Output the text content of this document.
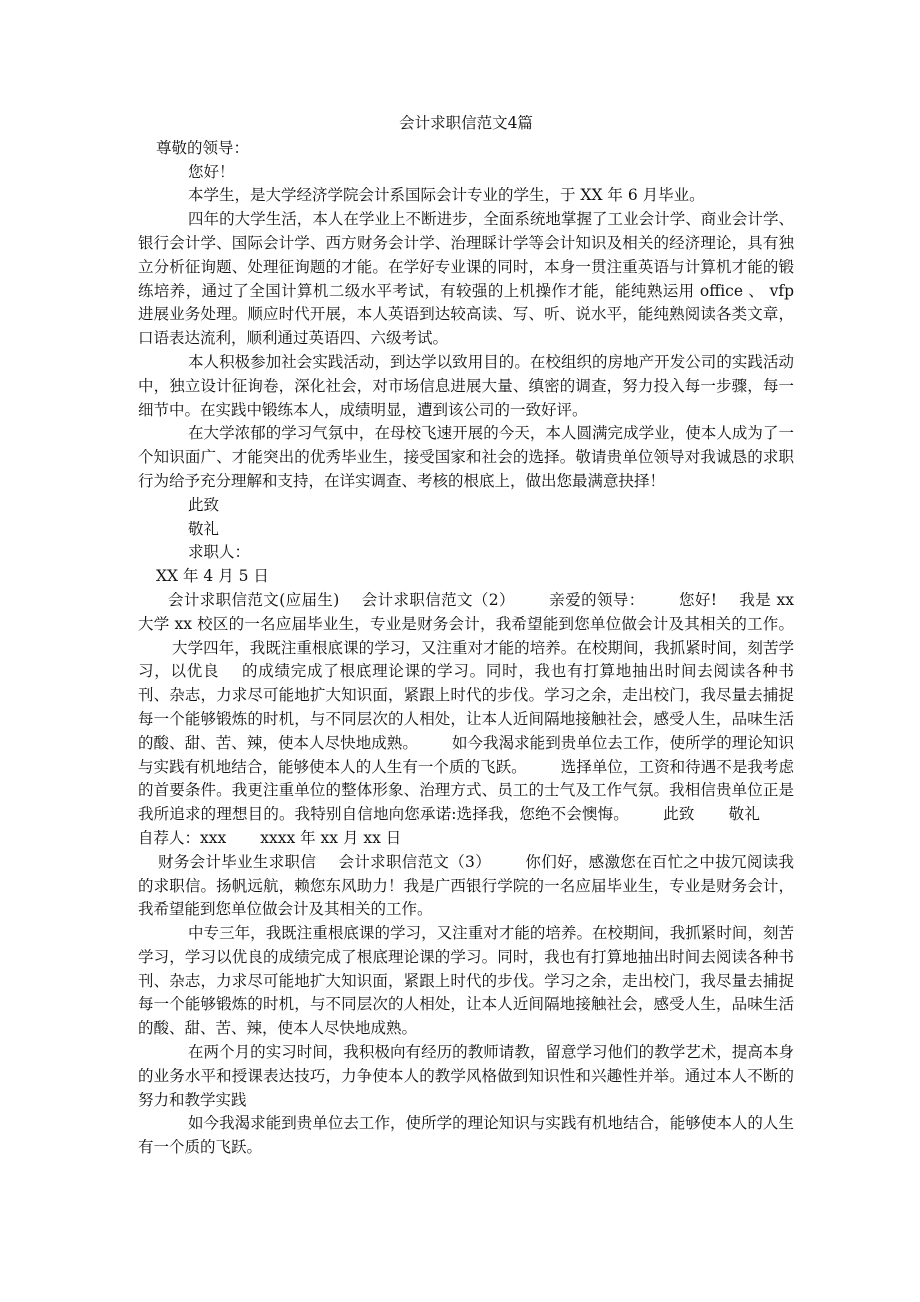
会计求职信范文4篇

尊敬的领导：

您好！

本学生，是大学经济学院会计系国际会计专业的学生，于 XX 年 6 月毕业。

四年的大学生活，本人在学业上不断进步，全面系统地掌握了工业会计学、商业会计学、银行会计学、国际会计学、西方财务会计学、治理睬计学等会计知识及相关的经济理论，具有独立分析征询题、处理征询题的才能。在学好专业课的同时，本身一贯注重英语与计算机才能的锻练培养，通过了全国计算机二级水平考试，有较强的上机操作才能，能纯熟运用 office 、 vfp 进展业务处理。顺应时代开展，本人英语到达较高读、写、听、说水平，能纯熟阅读各类文章，口语表达流利，顺利通过英语四、六级考试。

本人积极参加社会实践活动，到达学以致用目的。在校组织的房地产开发公司的实践活动中，独立设计征询卷，深化社会，对市场信息进展大量、缜密的调查，努力投入每一步骤，每一细节中。在实践中锻练本人，成绩明显，遭到该公司的一致好评。

在大学浓郁的学习气氛中，在母校飞速开展的今天，本人圆满完成学业，使本人成为了一个知识面广、才能突出的优秀毕业生，接受国家和社会的选择。敬请贵单位领导对我诚恳的求职行为给予充分理解和支持，在详实调查、考核的根底上，做出您最满意抉择！

此致

敬礼

求职人：

XX 年 4 月 5 日

会计求职信范文(应届生) 会计求职信范文（2） 亲爱的领导： 您好! 我是 xx 大学 xx 校区的一名应届毕业生，专业是财务会计，我希望能到您单位做会计及其相关的工作。大学四年，我既注重根底课的学习，又注重对才能的培养。在校期间，我抓紧时间，刻苦学习，以优良 的成绩完成了根底理论课的学习。同时，我也有打算地抽出时间去阅读各种书刊、杂志，力求尽可能地扩大知识面，紧跟上时代的步伐。学习之余，走出校门，我尽量去捕捉每一个能够锻炼的时机，与不同层次的人相处，让本人近间隔地接触社会，感受人生，品味生活的酸、甜、苦、辣，使本人尽快地成熟。 如今我渴求能到贵单位去工作，使所学的理论知识与实践有机地结合，能够使本人的人生有一个质的飞跃。 选择单位，工资和待遇不是我考虑的首要条件。我更注重单位的整体形象、治理方式、员工的士气及工作气氛。我相信贵单位正是我所追求的理想目的。我特别自信地向您承诺:选择我，您绝不会懊悔。 此致 敬礼自荐人：xxx xxxx 年 xx 月 xx 日

财务会计毕业生求职信 会计求职信范文（3） 你们好，感激您在百忙之中拔冗阅读我的求职信。扬帆远航，赖您东风助力！我是广西银行学院的一名应届毕业生，专业是财务会计，我希望能到您单位做会计及其相关的工作。

中专三年，我既注重根底课的学习，又注重对才能的培养。在校期间，我抓紧时间，刻苦学习，学习以优良的成绩完成了根底理论课的学习。同时，我也有打算地抽出时间去阅读各种书刊、杂志，力求尽可能地扩大知识面，紧跟上时代的步伐。学习之余，走出校门，我尽量去捕捉每一个能够锻炼的时机，与不同层次的人相处，让本人近间隔地接触社会，感受人生，品味生活的酸、甜、苦、辣，使本人尽快地成熟。

在两个月的实习时间，我积极向有经历的教师请教，留意学习他们的教学艺术，提高本身的业务水平和授课表达技巧，力争使本人的教学风格做到知识性和兴趣性并举。通过本人不断的努力和教学实践

如今我渴求能到贵单位去工作，使所学的理论知识与实践有机地结合，能够使本人的人生有一个质的飞跃。
